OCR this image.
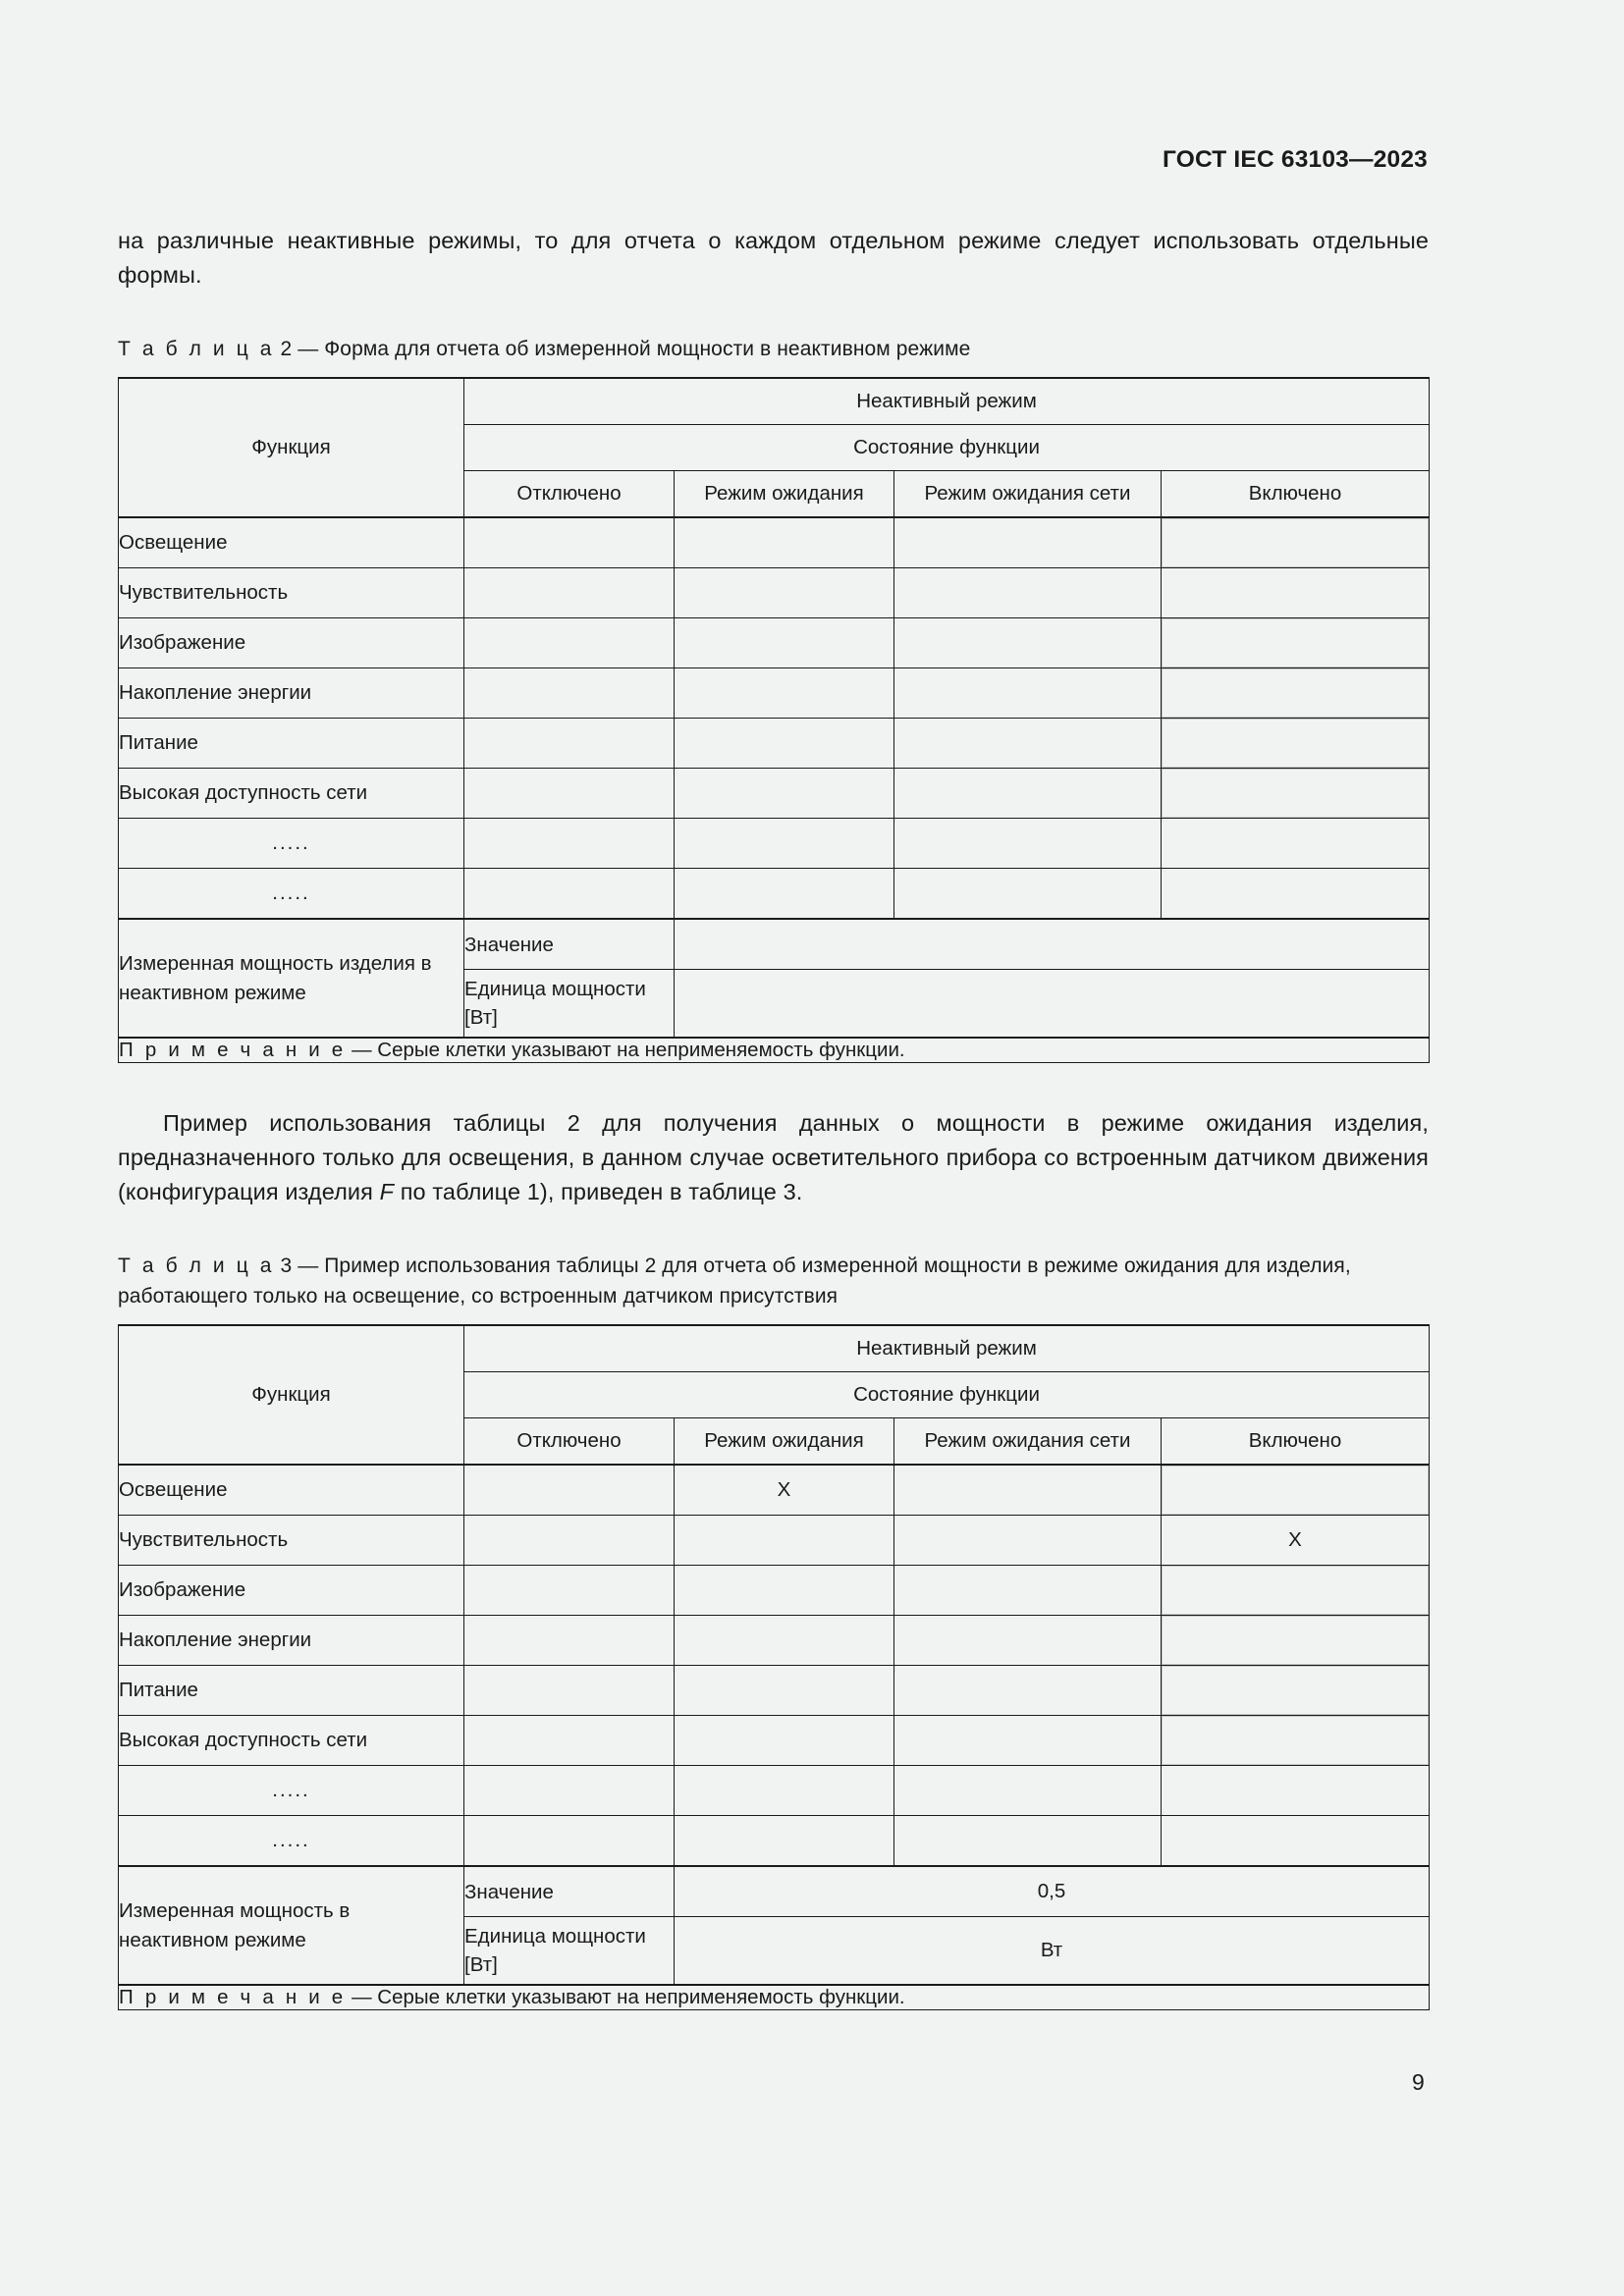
ГОСТ IEC 63103—2023

на различные неактивные режимы, то для отчета о каждом отдельном режиме следует использовать отдельные формы.

Т а б л и ц а 2 — Форма для отчета об измеренной мощности в неактивном режиме

Функция	Неактивный режим			
	Состояние функции			
	Отключено	Режим ожидания	Режим ожидания сети	Включено
Освещение				
Чувствительность				
Изображение				
Накопление энергии				
Питание				
Высокая доступность сети				
.....				
.....				
Измеренная мощность изделия в неактивном режиме	Значение			
	Единица мощности [Вт]			
П р и м е ч а н и е — Серые клетки указывают на неприменяемость функции.				

Пример использования таблицы 2 для получения данных о мощности в режиме ожидания изделия, предназначенного только для освещения, в данном случае осветительного прибора со встроенным датчиком движения (конфигурация изделия F по таблице 1), приведен в таблице 3.

Т а б л и ц а 3 — Пример использования таблицы 2 для отчета об измеренной мощности в режиме ожидания для изделия, работающего только на освещение, со встроенным датчиком присутствия

Функция	Неактивный режим			
	Состояние функции			
	Отключено	Режим ожидания	Режим ожидания сети	Включено
Освещение		X		
Чувствительность				X
Изображение				
Накопление энергии				
Питание				
Высокая доступность сети				
.....				
.....				
Измеренная мощность в неактивном режиме	Значение	0,5		
	Единица мощности [Вт]	Вт		
П р и м е ч а н и е — Серые клетки указывают на неприменяемость функции.				
9
